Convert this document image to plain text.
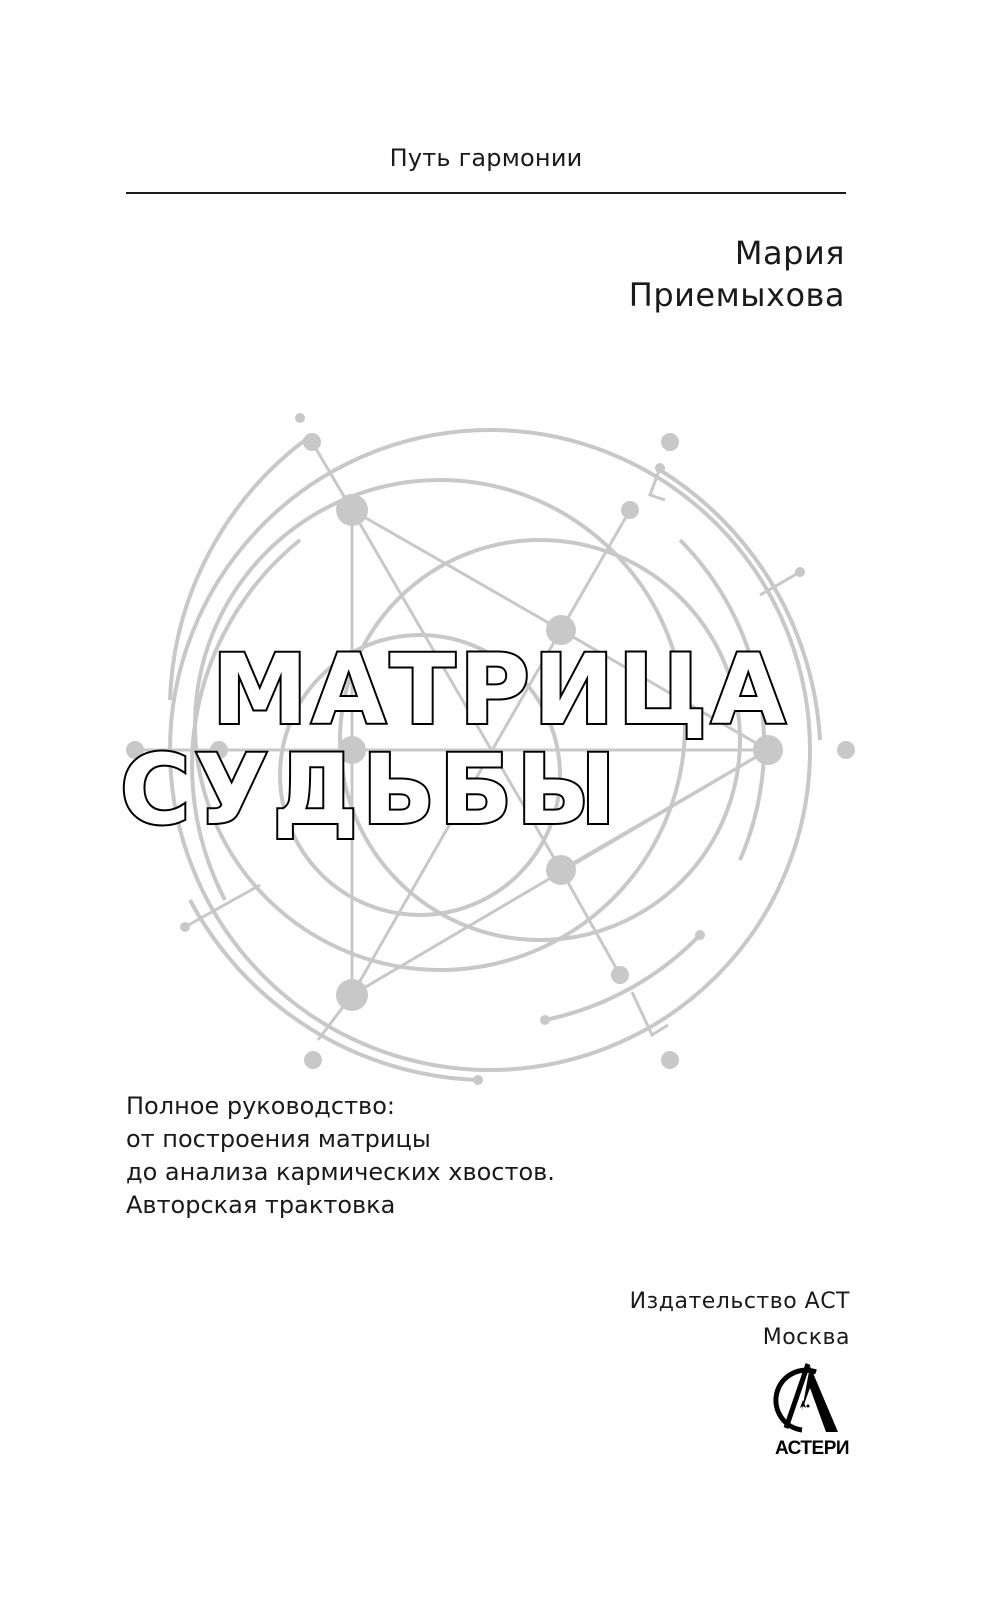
Путь гармонии
Мария
Приемыхова
МАТРИЦА
СУДЬБЫ
Полное руководство:
от построения матрицы
до анализа кармических хвостов.
Авторская трактовка
Издательство АСТ
Москва
АСТЕРИ
